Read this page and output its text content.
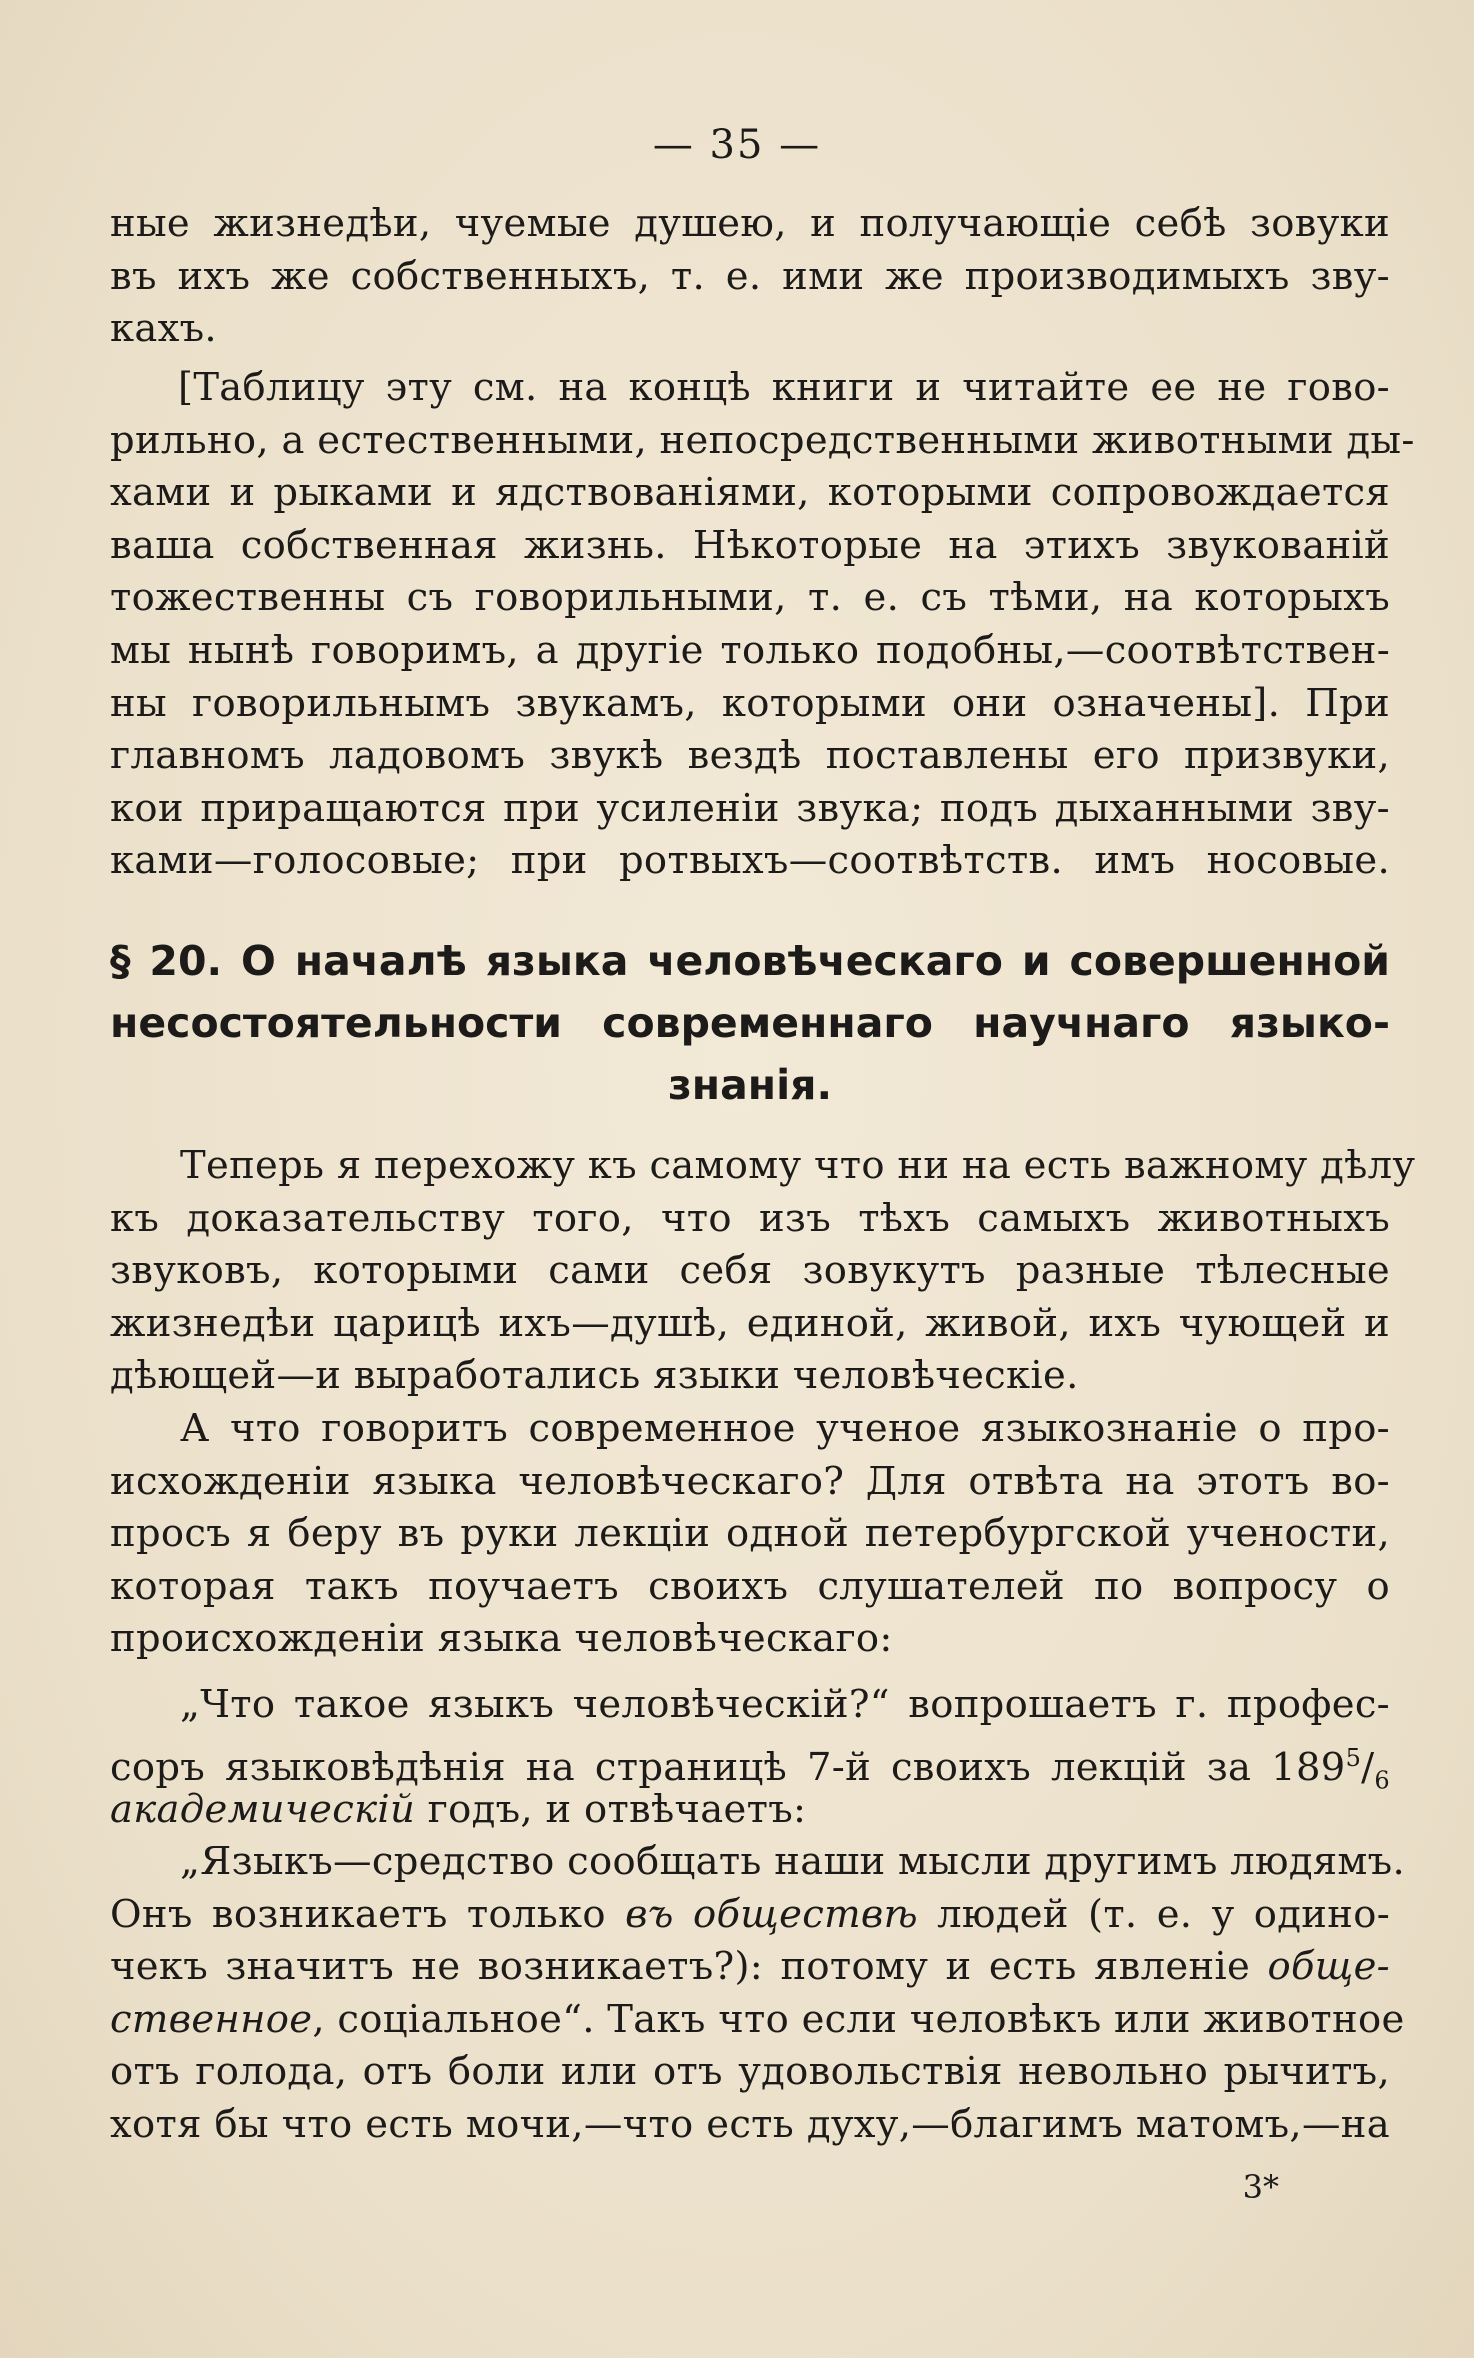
— 35 —
ные жизнедѣи, чуемые душею, и получающіе себѣ зовуки
въ ихъ же собственныхъ, т. е. ими же производимыхъ зву-
кахъ.
[Таблицу эту см. на концѣ книги и читайте ее не гово-
рильно, а естественными, непосредственными животными ды-
хами и рыками и ядствованіями, которыми сопровождается
ваша собственная жизнь. Нѣкоторые на этихъ звукованій
тожественны съ говорильными, т. е. съ тѣми, на которыхъ
мы нынѣ говоримъ, а другіе только подобны,—соотвѣтствен-
ны говорильнымъ звукамъ, которыми они означены]. При
главномъ ладовомъ звукѣ вездѣ поставлены его призвуки,
кои приращаются при усиленіи звука; подъ дыханными зву-
ками—голосовые; при ротвыхъ—соотвѣтств. имъ носовые.
§ 20. О началѣ языка человѣческаго и совершенной
несостоятельности современнаго научнаго языко-
знанія.
Теперь я перехожу къ самому что ни на есть важному дѣлу
къ доказательству того, что изъ тѣхъ самыхъ животныхъ
звуковъ, которыми сами себя зовукутъ разные тѣлесные
жизнедѣи царицѣ ихъ—душѣ, единой, живой, ихъ чующей и
дѣющей—и выработались языки человѣческіе.
А что говоритъ современное ученое языкознаніе о про-
исхожденіи языка человѣческаго? Для отвѣта на этотъ во-
просъ я беру въ руки лекціи одной петербургской учености,
которая такъ поучаетъ своихъ слушателей по вопросу о
происхожденіи языка человѣческаго:
„Что такое языкъ человѣческій?“ вопрошаетъ г. профес-
соръ языковѣдѣнія на страницѣ 7-й своихъ лекцій за $189^5/_6$
академическій годъ, и отвѣчаетъ:
„Языкъ—средство сообщать наши мысли другимъ людямъ.
Онъ возникаетъ только въ обществѣ людей (т. е. у одино-
чекъ значитъ не возникаетъ?): потому и есть явленіе обще-
ственное, соціальное“. Такъ что если человѣкъ или животное
отъ голода, отъ боли или отъ удовольствія невольно рычитъ,
хотя бы что есть мочи,—что есть духу,—благимъ матомъ,—на
3*
